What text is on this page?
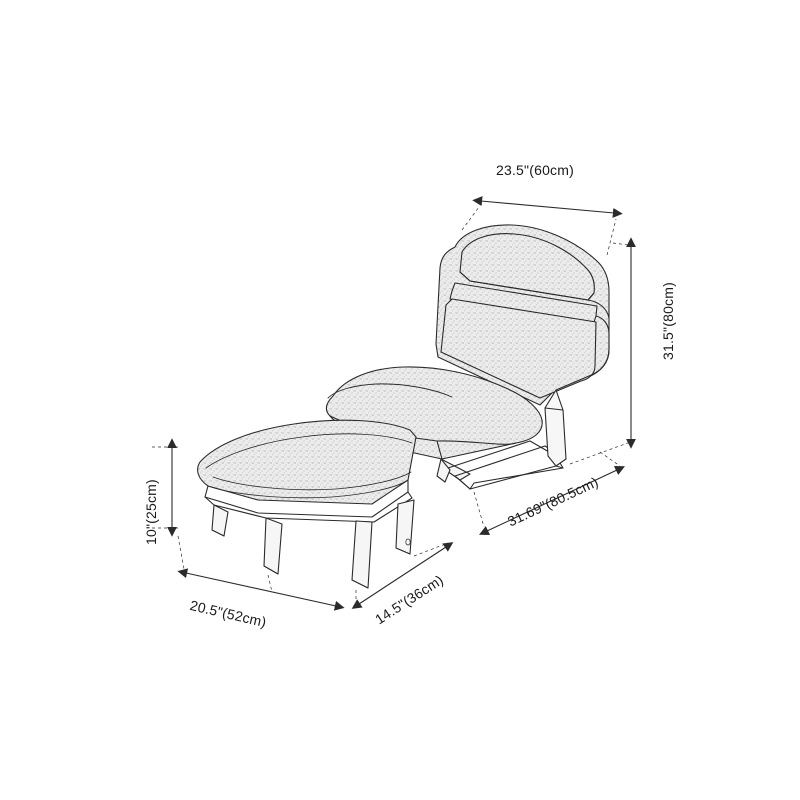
23.5"(60cm)
31.5"(80cm)
31.69"(80.5cm)
10"(25cm)
20.5"(52cm)	14.5"(36cm)
